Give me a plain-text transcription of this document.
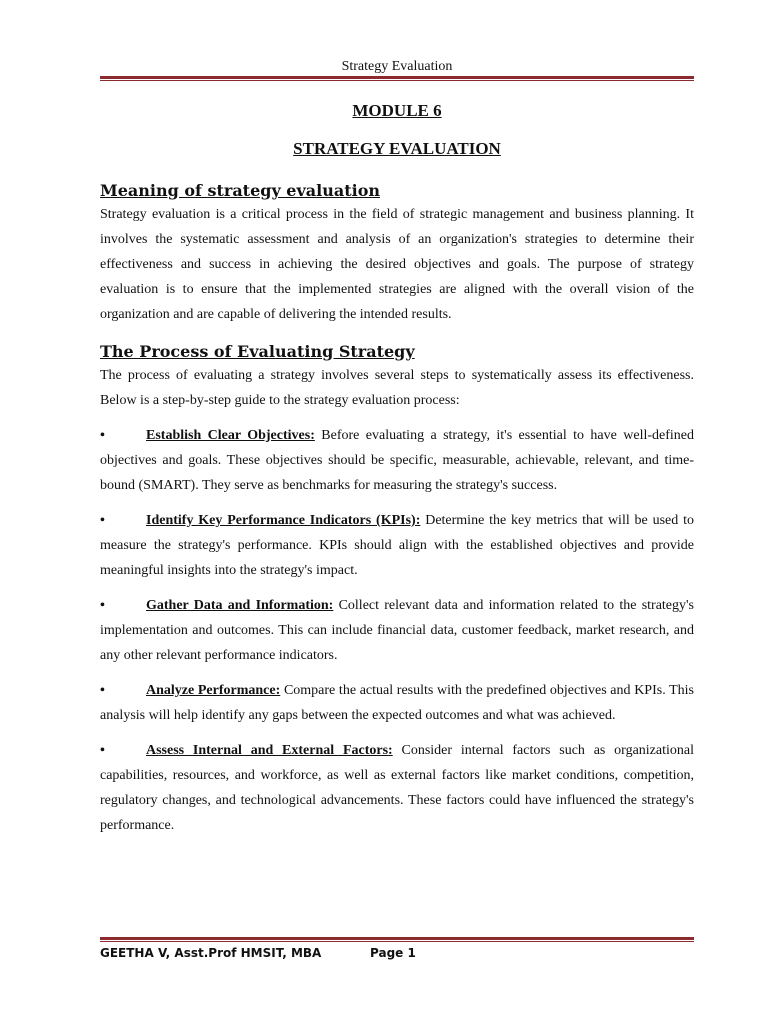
Strategy Evaluation
MODULE 6
STRATEGY EVALUATION
Meaning of strategy evaluation

Strategy evaluation is a critical process in the field of strategic management and business planning. It involves the systematic assessment and analysis of an organization's strategies to determine their effectiveness and success in achieving the desired objectives and goals. The purpose of strategy evaluation is to ensure that the implemented strategies are aligned with the overall vision of the organization and are capable of delivering the intended results.

The Process of Evaluating Strategy

The process of evaluating a strategy involves several steps to systematically assess its effectiveness. Below is a step-by-step guide to the strategy evaluation process:

•	Establish Clear Objectives: Before evaluating a strategy, it's essential to have well-defined objectives and goals. These objectives should be specific, measurable, achievable, relevant, and time-bound (SMART). They serve as benchmarks for measuring the strategy's success.

•	Identify Key Performance Indicators (KPIs): Determine the key metrics that will be used to measure the strategy's performance. KPIs should align with the established objectives and provide meaningful insights into the strategy's impact.

•	Gather Data and Information: Collect relevant data and information related to the strategy's implementation and outcomes. This can include financial data, customer feedback, market research, and any other relevant performance indicators.

•	Analyze Performance: Compare the actual results with the predefined objectives and KPIs. This analysis will help identify any gaps between the expected outcomes and what was achieved.

•	Assess Internal and External Factors: Consider internal factors such as organizational capabilities, resources, and workforce, as well as external factors like market conditions, competition, regulatory changes, and technological advancements. These factors could have influenced the strategy's performance.

GEETHA V, Asst.Prof HMSIT, MBA	Page 1
